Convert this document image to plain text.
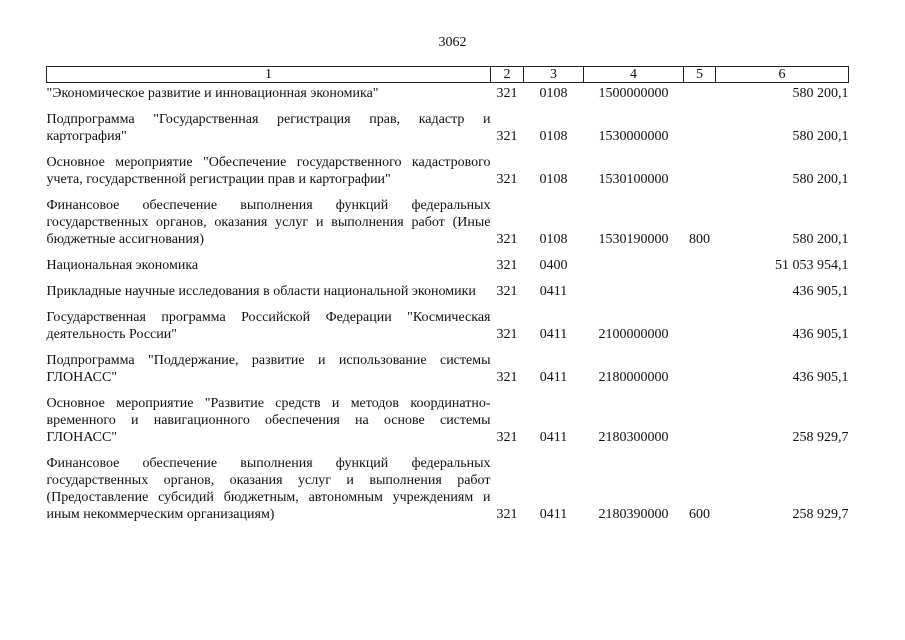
3062
1	2	3	4	5	6
"Экономическое развитие и инновационная экономика"	321	0108	1500000000		580 200,1
Подпрограмма "Государственная регистрация прав, кадастр и картография"	321	0108	1530000000		580 200,1
Основное мероприятие "Обеспечение государственного кадастрового учета, государственной регистрации прав и картографии"	321	0108	1530100000		580 200,1
Финансовое обеспечение выполнения функций федеральных государственных органов, оказания услуг и выполнения работ (Иные бюджетные ассигнования)	321	0108	1530190000	800	580 200,1
Национальная экономика	321	0400			51 053 954,1
Прикладные научные исследования в области национальной экономики	321	0411			436 905,1
Государственная программа Российской Федерации "Космическая деятельность России"	321	0411	2100000000		436 905,1
Подпрограмма "Поддержание, развитие и использование системы ГЛОНАСС"	321	0411	2180000000		436 905,1
Основное мероприятие "Развитие средств и методов координатно-временного и навигационного обеспечения на основе системы ГЛОНАСС"	321	0411	2180300000		258 929,7
Финансовое обеспечение выполнения функций федеральных государственных органов, оказания услуг и выполнения работ (Предоставление субсидий бюджетным, автономным учреждениям и иным некоммерческим организациям)	321	0411	2180390000	600	258 929,7
